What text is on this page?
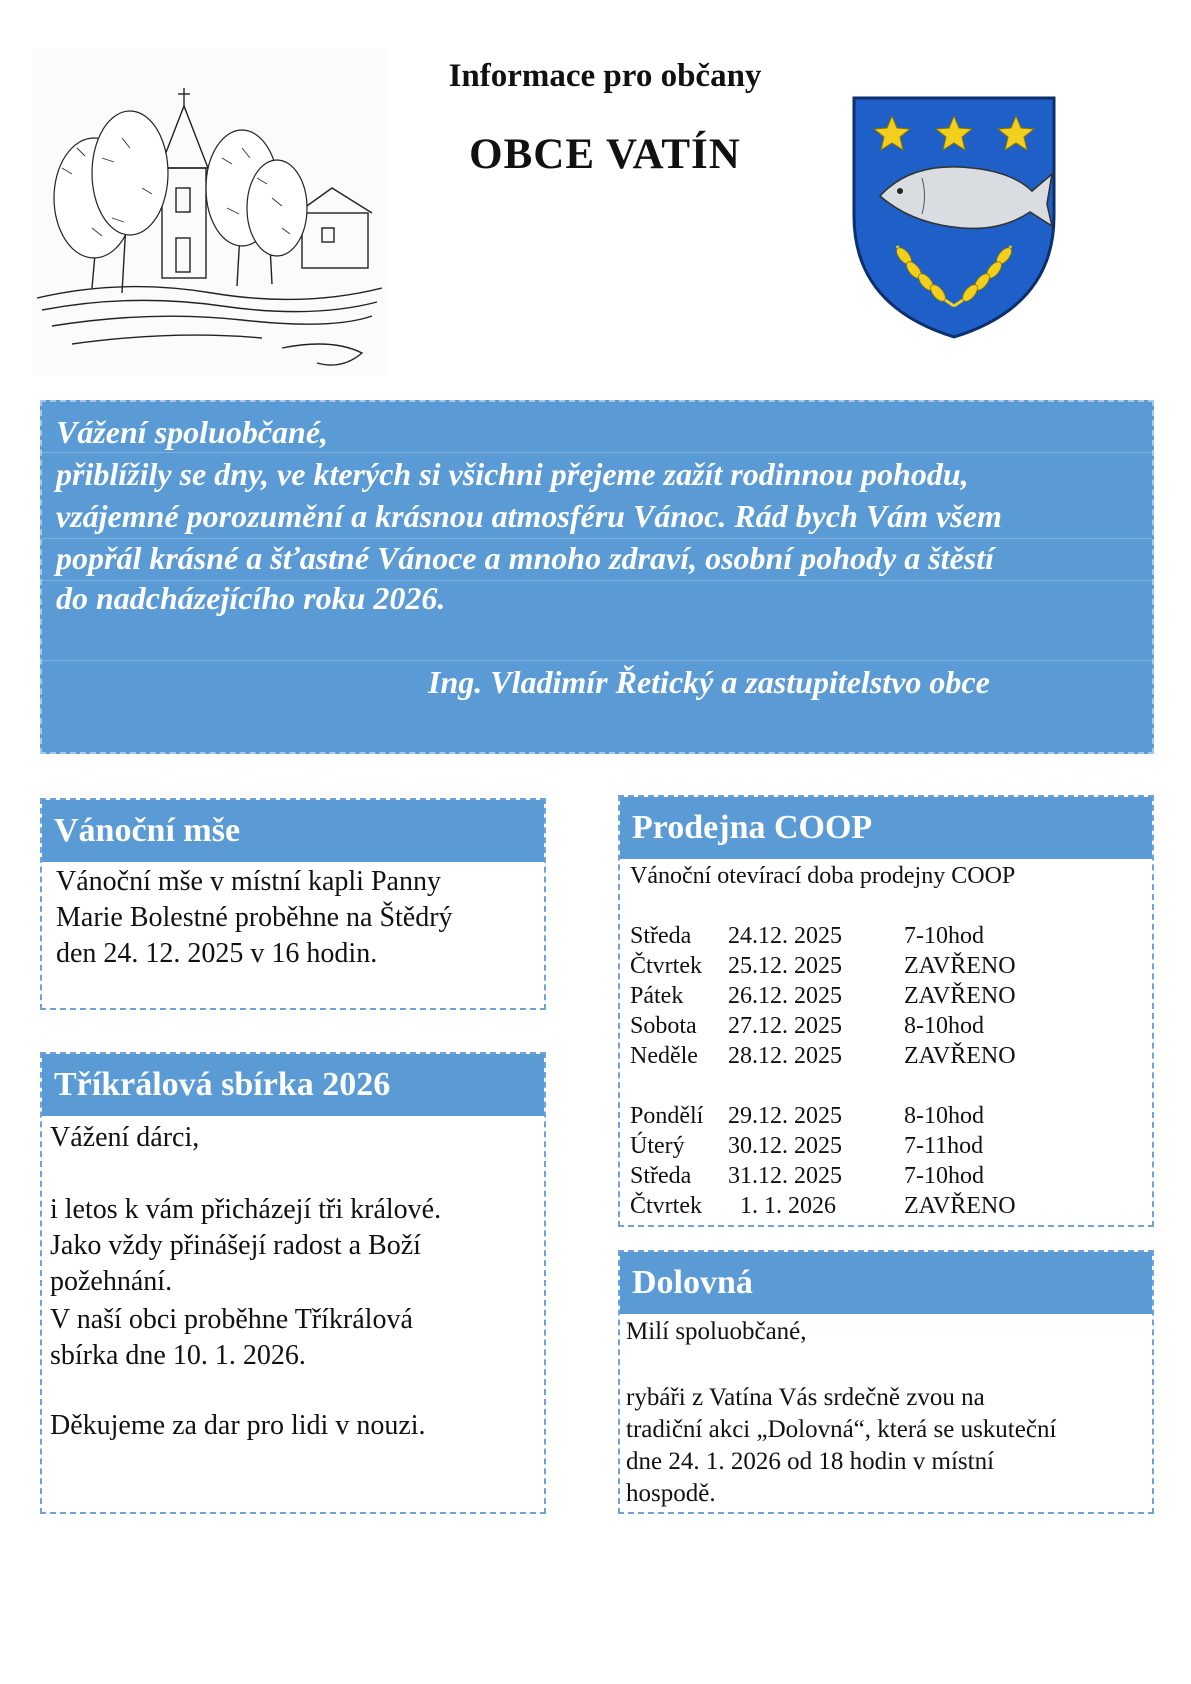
Informace pro občany
OBCE VATÍN
Vážení spoluobčané,
přiblížily se dny, ve kterých si všichni přejeme zažít rodinnou pohodu,
vzájemné porozumění a krásnou atmosféru Vánoc. Rád bych Vám všem
popřál krásné a šťastné Vánoce a mnoho zdraví, osobní pohody a štěstí
do nadcházejícího roku 2026.
Ing. Vladimír Řetický a zastupitelstvo obce
Vánoční mše
Vánoční mše v místní kapli Panny
Marie Bolestné proběhne na Štědrý
den 24. 12. 2025 v 16 hodin.
Tříkrálová sbírka 2026
Vážení dárci,
i letos k vám přicházejí tři králové.
Jako vždy přinášejí radost a Boží
požehnání.
V naší obci proběhne Tříkrálová
sbírka dne 10. 1. 2026.
Děkujeme za dar pro lidi v nouzi.
Prodejna COOP
Vánoční otevírací doba prodejny COOP
Středa 24.12. 2025	7-10hod
Čtvrtek 25.12. 2025	ZAVŘENO
Pátek 26.12. 2025	ZAVŘENO
Sobota 27.12. 2025	8-10hod
Neděle 28.12. 2025	ZAVŘENO
Pondělí 29.12. 2025	8-10hod
Úterý 30.12. 2025	7-11hod
Středa 31.12. 2025	7-10hod
Čtvrtek 1. 1. 2026	ZAVŘENO
Dolovná
Milí spoluobčané,
rybáři z Vatína Vás srdečně zvou na
tradiční akci „Dolovná“, která se uskuteční
dne 24. 1. 2026 od 18 hodin v místní
hospodě.
